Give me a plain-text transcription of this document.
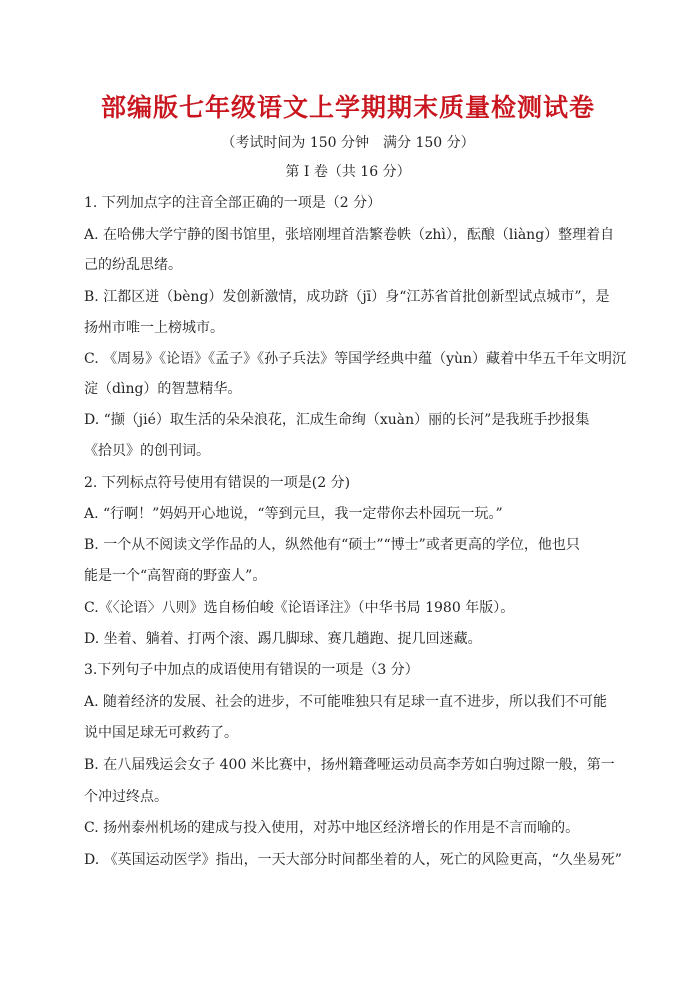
部编版七年级语文上学期期末质量检测试卷
（考试时间为 150 分钟　满分 150 分）
第 I 卷（共 16 分）
1. 下列加点字的注音全部正确的一项是（2 分）
A. 在哈佛大学宁静的图书馆里，张培刚埋首浩繁卷帙（zhì），酝酿（liàng）整理着自
己的纷乱思绪。
B. 江都区迸（bèng）发创新激情，成功跻（jī）身“江苏省首批创新型试点城市”，是
扬州市唯一上榜城市。
C. 《周易》《论语》《孟子》《孙子兵法》等国学经典中蕴（yùn）藏着中华五千年文明沉
淀（dìng）的智慧精华。
D. “撷（jié）取生活的朵朵浪花，汇成生命绚（xuàn）丽的长河”是我班手抄报集
《拾贝》的创刊词。
2. 下列标点符号使用有错误的一项是(2 分)
A. “行啊！”妈妈开心地说，“等到元旦，我一定带你去朴园玩一玩。”
B. 一个从不阅读文学作品的人，纵然他有“硕士”“博士”或者更高的学位，他也只
能是一个“高智商的野蛮人”。
C.《〈论语〉八则》选自杨伯峻《论语译注》（中华书局 1980 年版）。
D. 坐着、躺着、打两个滚、踢几脚球、赛几趟跑、捉几回迷藏。
3.下列句子中加点的成语使用有错误的一项是（3 分）
A. 随着经济的发展、社会的进步，不可能唯独只有足球一直不进步，所以我们不可能
说中国足球无可救药了。
B. 在八届残运会女子 400 米比赛中，扬州籍聋哑运动员高李芳如白驹过隙一般，第一
个冲过终点。
C. 扬州泰州机场的建成与投入使用，对苏中地区经济增长的作用是不言而喻的。
D. 《英国运动医学》指出，一天大部分时间都坐着的人，死亡的风险更高，“久坐易死”
